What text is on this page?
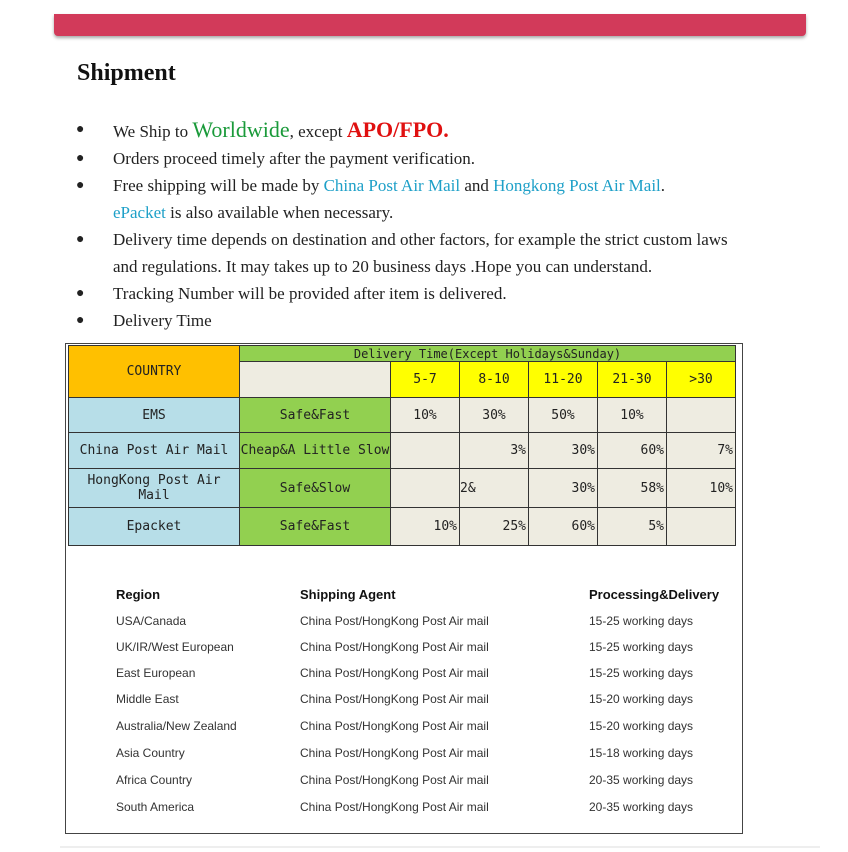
Shipment
● We Ship to Worldwide, except APO/FPO.
● Orders proceed timely after the payment verification.
● Free shipping will be made by China Post Air Mail and Hongkong Post Air Mail.
ePacket is also available when necessary.
● Delivery time depends on destination and other factors, for example the strict custom laws and regulations. It may takes up to 20 business days .Hope you can understand.
● Tracking Number will be provided after item is delivered.
● Delivery Time
COUNTRY	Delivery Time(Except Holidays&Sunday)					
		5-7	8-10	11-20	21-30	>30
EMS	Safe&Fast	10%	30%	50%	10%	
China Post Air Mail	Cheap&A Little Slow		3%	30%	60%	7%
HongKong Post Air Mail	Safe&Slow		2&	30%	58%	10%
Epacket	Safe&Fast	10%	25%	60%	5%	
Region	Shipping Agent	Processing&Delivery
USA/Canada	China Post/HongKong Post Air mail	15-25 working days
UK/IR/West European	China Post/HongKong Post Air mail	15-25 working days
East European	China Post/HongKong Post Air mail	15-25 working days
Middle East	China Post/HongKong Post Air mail	15-20 working days
Australia/New Zealand	China Post/HongKong Post Air mail	15-20 working days
Asia Country	China Post/HongKong Post Air mail	15-18 working days
Africa Country	China Post/HongKong Post Air mail	20-35 working days
South America	China Post/HongKong Post Air mail	20-35 working days
